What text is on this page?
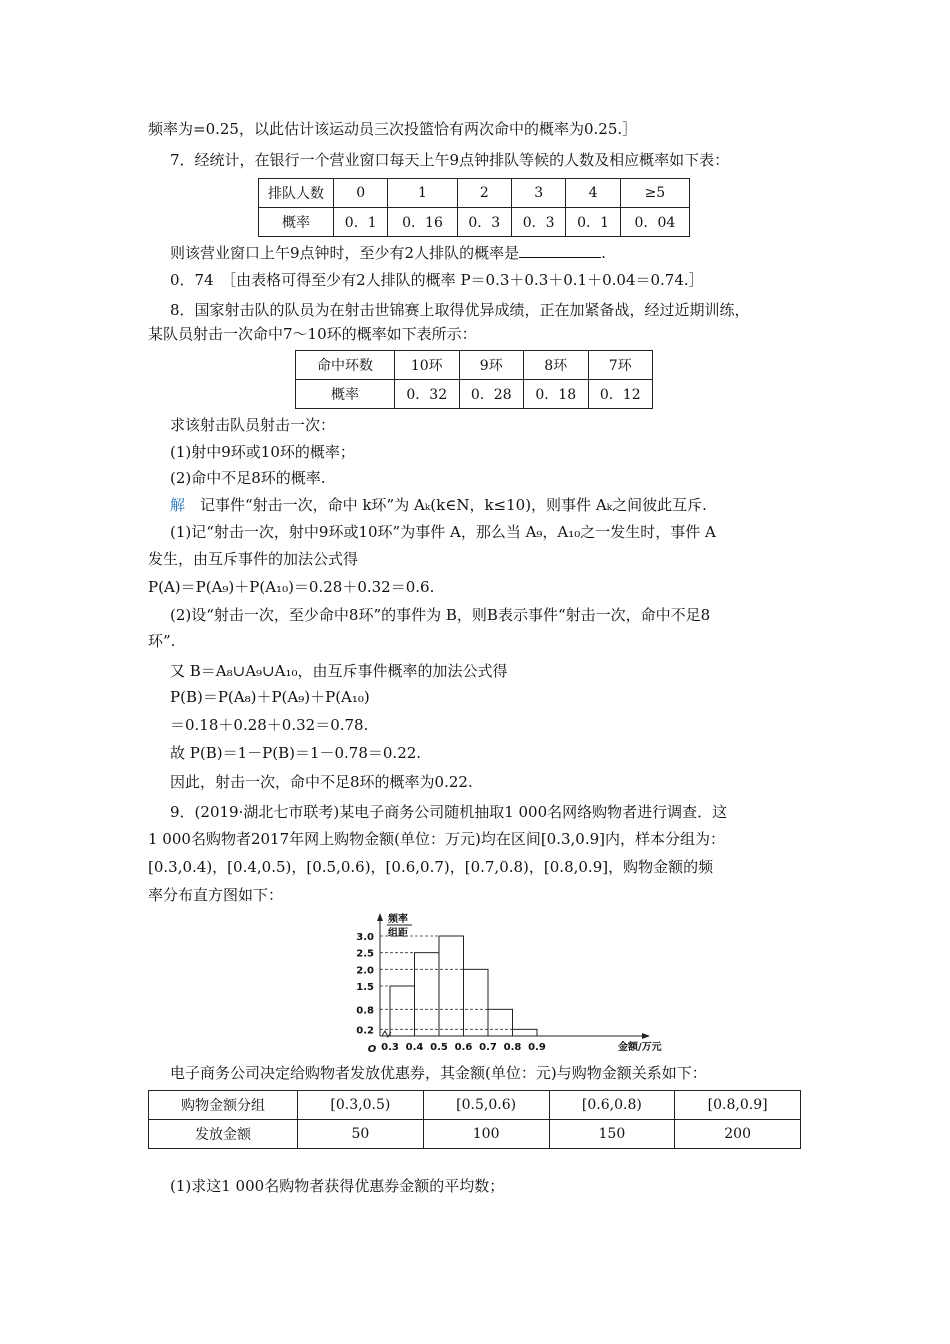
频率为=0.25，以此估计该运动员三次投篮恰有两次命中的概率为0.25.］
7．经统计，在银行一个营业窗口每天上午9点钟排队等候的人数及相应概率如下表：
排队人数	0	1	2	3	4	≥5
概率	0．1	0．16	0．3	0．3	0．1	0．04
则该营业窗口上午9点钟时，至少有2人排队的概率是	.
0．74　［由表格可得至少有2人排队的概率 P＝0.3＋0.3＋0.1＋0.04＝0.74.］
8．国家射击队的队员为在射击世锦赛上取得优异成绩，正在加紧备战，经过近期训练，
某队员射击一次命中7～10环的概率如下表所示：
命中环数	10环	9环	8环	7环
概率	0．32	0．28	0．18	0．12
求该射击队员射击一次：
(1)射中9环或10环的概率；
(2)命中不足8环的概率.
解　记事件“射击一次，命中 k环”为 Aₖ(k∈N，k≤10)，则事件 Aₖ之间彼此互斥.
(1)记“射击一次，射中9环或10环”为事件 A，那么当 A₉，A₁₀之一发生时，事件 A
发生，由互斥事件的加法公式得
P(A)＝P(A₉)＋P(A₁₀)＝0.28＋0.32＝0.6.
(2)设“射击一次，至少命中8环”的事件为 B，则B表示事件“射击一次，命中不足8
环”.
又 B＝A₈∪A₉∪A₁₀，由互斥事件概率的加法公式得
P(B)＝P(A₈)＋P(A₉)＋P(A₁₀)
＝0.18＋0.28＋0.32＝0.78.
故 P(B)＝1－P(B)＝1－0.78＝0.22.
因此，射击一次，命中不足8环的概率为0.22.
9．(2019·湖北七市联考)某电子商务公司随机抽取1 000名网络购物者进行调查．这
1 000名购物者2017年网上购物金额(单位：万元)均在区间[0.3,0.9]内，样本分组为：
[0.3,0.4)，[0.4,0.5)，[0.5,0.6)，[0.6,0.7)，[0.7,0.8)，[0.8,0.9]，购物金额的频
率分布直方图如下：
0.2
0.8
1.5
2.0
2.5
3.0
0.3 0.4 0.5 0.6 0.7 0.8 0.9	金额/万元
O
频率
组距
电子商务公司决定给购物者发放优惠券，其金额(单位：元)与购物金额关系如下：
购物金额分组	[0.3,0.5)	[0.5,0.6)	[0.6,0.8)	[0.8,0.9]
发放金额	50	100	150	200
(1)求这1 000名购物者获得优惠券金额的平均数；
